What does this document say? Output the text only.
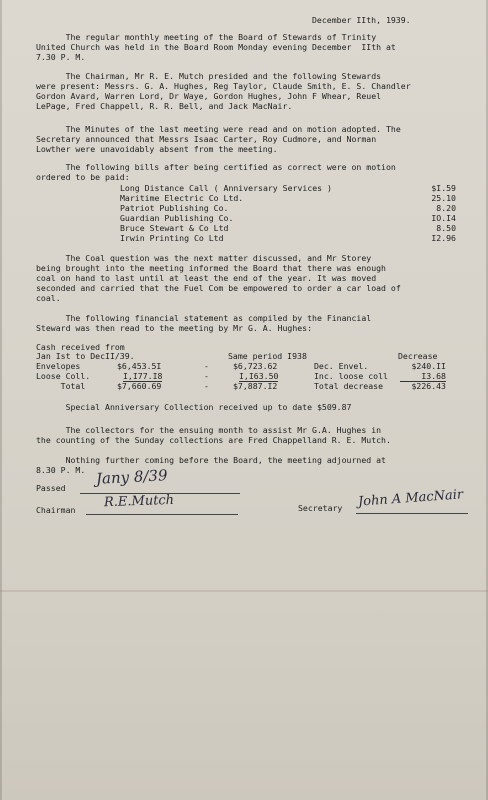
December IIth, 1939.
The regular monthly meeting of the Board of Stewards of Trinity
United Church was held in the Board Room Monday evening December  IIth at
7.30 P. M.
The Chairman, Mr R. E. Mutch presided and the following Stewards
were present: Messrs. G. A. Hughes, Reg Taylor, Claude Smith, E. S. Chandler
Gordon Avard, Warren Lord, Dr Waye, Gordon Hughes, John F Whear, Reuel
LePage, Fred Chappell, R. R. Bell, and Jack MacNair.
The Minutes of the last meeting were read and on motion adopted. The
Secretary announced that Messrs Isaac Carter, Roy Cudmore, and Norman
Lowther were unavoidably absent from the meeting.
The following bills after being certified as correct were on motion
ordered to be paid:
Long Distance Call ( Anniversary Services )	$I.59
Maritime Electric Co Ltd.	25.10
Patriot Publishing Co.	8.20
Guardian Publishing Co.	IO.I4
Bruce Stewart & Co Ltd	8.50
Irwin Printing Co Ltd	I2.96
The Coal question was the next matter discussed, and Mr Storey
being brought into the meeting informed the Board that there was enough
coal on hand to last until at least the end of the year. It was moved
seconded and carried that the Fuel Com be empowered to order a car load of
coal.
The following financial statement as compiled by the Financial
Steward was then read to the meeting by Mr G. A. Hughes:
Cash received from
Jan Ist to DecII/39.	Same period I938	Decrease
Envelopes	$6,453.5I	-	$6,723.62	Dec. Envel.	$240.II
Loose Coll.	I,I77.I8	-	I,I63.50	Inc. loose coll	I3.68
Total	$7,660.69	-	$7,887.I2	Total decrease	$226.43
Special Anniversary Collection received up to date $509.87
The collectors for the ensuing month to assist Mr G.A. Hughes in
the counting of the Sunday collections are Fred Chappelland R. E. Mutch.
Nothing further coming before the Board, the meeting adjourned at
8.30 P. M.
Passed
Jany 8/39
Chairman R.E.Mutch	Secretary John A MacNair
